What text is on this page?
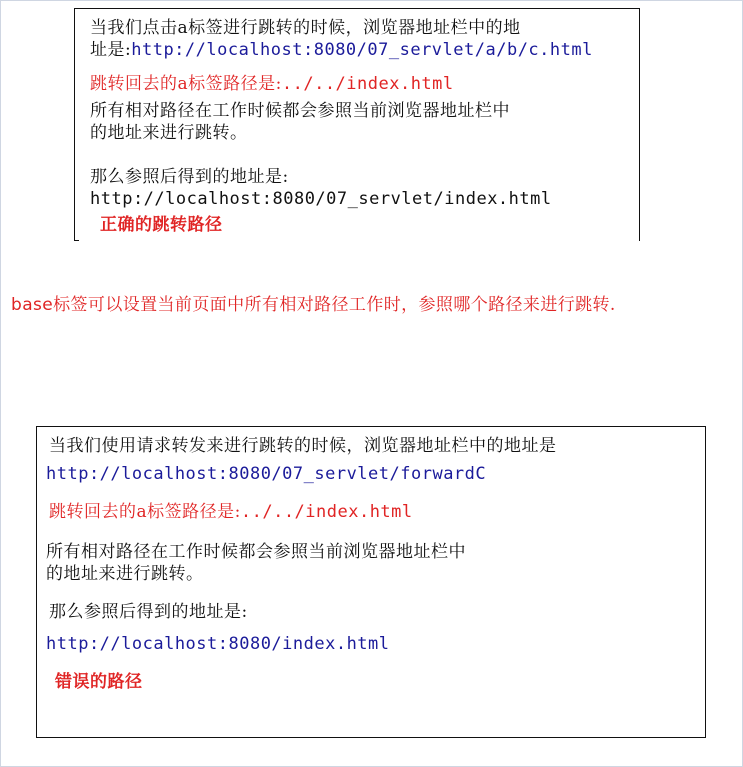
当我们点击a标签进行跳转的时候，浏览器地址栏中的地
址是:http://localhost:8080/07_servlet/a/b/c.html
跳转回去的a标签路径是:../../index.html
所有相对路径在工作时候都会参照当前浏览器地址栏中
的地址来进行跳转。
那么参照后得到的地址是:
http://localhost:8080/07_servlet/index.html
正确的跳转路径
base标签可以设置当前页面中所有相对路径工作时，参照哪个路径来进行跳转.
当我们使用请求转发来进行跳转的时候，浏览器地址栏中的地址是
http://localhost:8080/07_servlet/forwardC
跳转回去的a标签路径是:../../index.html
所有相对路径在工作时候都会参照当前浏览器地址栏中
的地址来进行跳转。
那么参照后得到的地址是:
http://localhost:8080/index.html
错误的路径
